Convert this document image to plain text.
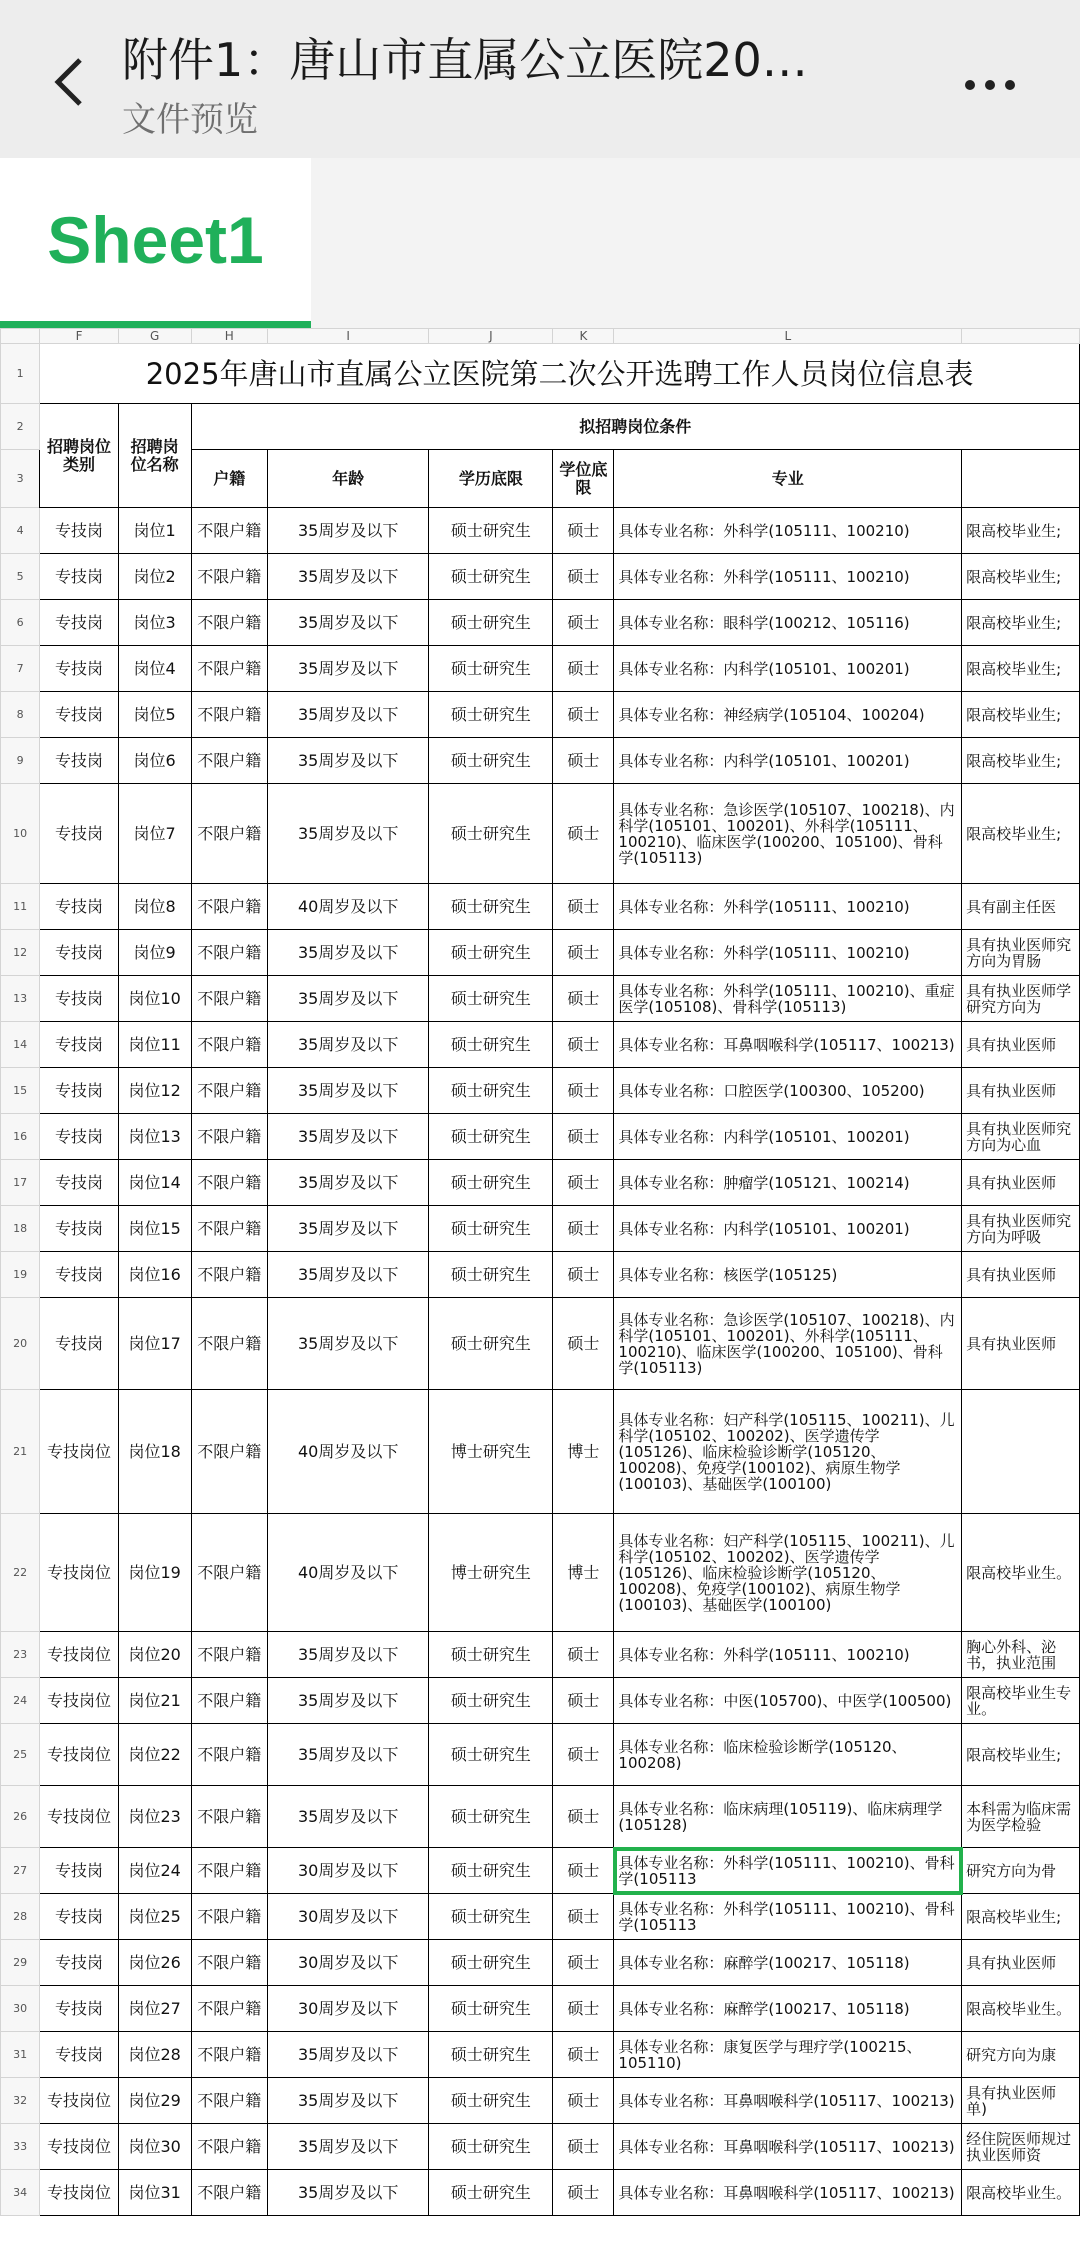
附件1：唐山市直属公立医院20…
文件预览
Sheet1
	F	G	H	I	J	K	L	
1	2025年唐山市直属公立医院第二次公开选聘工作人员岗位信息表							
2	招聘岗位类别	招聘岗位名称	拟招聘岗位条件					
3			户籍	年龄	学历底限	学位底限	专业	
4	专技岗	岗位1	不限户籍	35周岁及以下	硕士研究生	硕士	具体专业名称：外科学(105111、100210)	限高校毕业生;
5	专技岗	岗位2	不限户籍	35周岁及以下	硕士研究生	硕士	具体专业名称：外科学(105111、100210)	限高校毕业生;
6	专技岗	岗位3	不限户籍	35周岁及以下	硕士研究生	硕士	具体专业名称：眼科学(100212、105116)	限高校毕业生;
7	专技岗	岗位4	不限户籍	35周岁及以下	硕士研究生	硕士	具体专业名称：内科学(105101、100201)	限高校毕业生;
8	专技岗	岗位5	不限户籍	35周岁及以下	硕士研究生	硕士	具体专业名称：神经病学(105104、100204)	限高校毕业生;
9	专技岗	岗位6	不限户籍	35周岁及以下	硕士研究生	硕士	具体专业名称：内科学(105101、100201)	限高校毕业生;
10	专技岗	岗位7	不限户籍	35周岁及以下	硕士研究生	硕士	具体专业名称：急诊医学(105107、100218)、内科学(105101、100201)、外科学(105111、100210)、临床医学(100200、105100)、骨科学(105113)	限高校毕业生;
11	专技岗	岗位8	不限户籍	40周岁及以下	硕士研究生	硕士	具体专业名称：外科学(105111、100210)	具有副主任医
12	专技岗	岗位9	不限户籍	35周岁及以下	硕士研究生	硕士	具体专业名称：外科学(105111、100210)	具有执业医师究方向为胃肠
13	专技岗	岗位10	不限户籍	35周岁及以下	硕士研究生	硕士	具体专业名称：外科学(105111、100210)、重症医学(105108)、骨科学(105113)	具有执业医师学研究方向为
14	专技岗	岗位11	不限户籍	35周岁及以下	硕士研究生	硕士	具体专业名称：耳鼻咽喉科学(105117、100213)	具有执业医师
15	专技岗	岗位12	不限户籍	35周岁及以下	硕士研究生	硕士	具体专业名称：口腔医学(100300、105200)	具有执业医师
16	专技岗	岗位13	不限户籍	35周岁及以下	硕士研究生	硕士	具体专业名称：内科学(105101、100201)	具有执业医师究方向为心血
17	专技岗	岗位14	不限户籍	35周岁及以下	硕士研究生	硕士	具体专业名称：肿瘤学(105121、100214)	具有执业医师
18	专技岗	岗位15	不限户籍	35周岁及以下	硕士研究生	硕士	具体专业名称：内科学(105101、100201)	具有执业医师究方向为呼吸
19	专技岗	岗位16	不限户籍	35周岁及以下	硕士研究生	硕士	具体专业名称：核医学(105125)	具有执业医师
20	专技岗	岗位17	不限户籍	35周岁及以下	硕士研究生	硕士	具体专业名称：急诊医学(105107、100218)、内科学(105101、100201)、外科学(105111、100210)、临床医学(100200、105100)、骨科学(105113)	具有执业医师
21	专技岗位	岗位18	不限户籍	40周岁及以下	博士研究生	博士	具体专业名称：妇产科学(105115、100211)、儿科学(105102、100202)、医学遗传学(105126)、临床检验诊断学(105120、100208)、免疫学(100102)、病原生物学(100103)、基础医学(100100)	
22	专技岗位	岗位19	不限户籍	40周岁及以下	博士研究生	博士	具体专业名称：妇产科学(105115、100211)、儿科学(105102、100202)、医学遗传学(105126)、临床检验诊断学(105120、100208)、免疫学(100102)、病原生物学(100103)、基础医学(100100)	限高校毕业生。
23	专技岗位	岗位20	不限户籍	35周岁及以下	硕士研究生	硕士	具体专业名称：外科学(105111、100210)	胸心外科、泌书，执业范围
24	专技岗位	岗位21	不限户籍	35周岁及以下	硕士研究生	硕士	具体专业名称：中医(105700)、中医学(100500)	限高校毕业生专业。
25	专技岗位	岗位22	不限户籍	35周岁及以下	硕士研究生	硕士	具体专业名称：临床检验诊断学(105120、100208)	限高校毕业生;
26	专技岗位	岗位23	不限户籍	35周岁及以下	硕士研究生	硕士	具体专业名称：临床病理(105119)、临床病理学(105128)	本科需为临床需为医学检验
27	专技岗	岗位24	不限户籍	30周岁及以下	硕士研究生	硕士	具体专业名称：外科学(105111、100210)、骨科学(105113	研究方向为骨
28	专技岗	岗位25	不限户籍	30周岁及以下	硕士研究生	硕士	具体专业名称：外科学(105111、100210)、骨科学(105113	限高校毕业生;
29	专技岗	岗位26	不限户籍	30周岁及以下	硕士研究生	硕士	具体专业名称：麻醉学(100217、105118)	具有执业医师
30	专技岗	岗位27	不限户籍	30周岁及以下	硕士研究生	硕士	具体专业名称：麻醉学(100217、105118)	限高校毕业生。
31	专技岗	岗位28	不限户籍	35周岁及以下	硕士研究生	硕士	具体专业名称：康复医学与理疗学(100215、105110)	研究方向为康
32	专技岗位	岗位29	不限户籍	35周岁及以下	硕士研究生	硕士	具体专业名称：耳鼻咽喉科学(105117、100213)	具有执业医师单)
33	专技岗位	岗位30	不限户籍	35周岁及以下	硕士研究生	硕士	具体专业名称：耳鼻咽喉科学(105117、100213)	经住院医师规过执业医师资
34	专技岗位	岗位31	不限户籍	35周岁及以下	硕士研究生	硕士	具体专业名称：耳鼻咽喉科学(105117、100213)	限高校毕业生。
